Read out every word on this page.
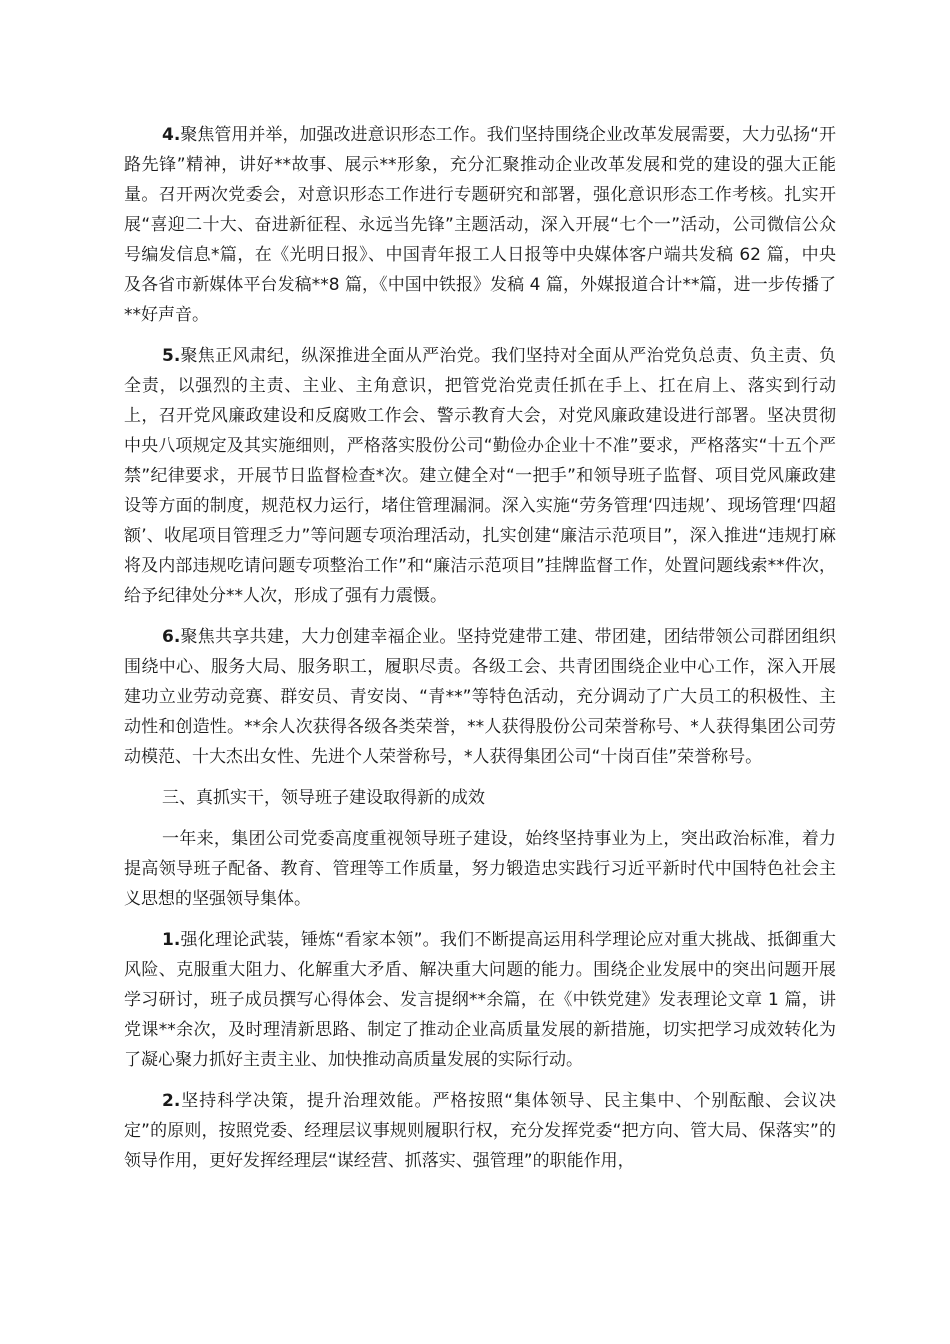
4.聚焦管用并举，加强改进意识形态工作。我们坚持围绕企业改革发展需要，大力弘扬“开路先锋”精神，讲好**故事、展示**形象，充分汇聚推动企业改革发展和党的建设的强大正能量。召开两次党委会，对意识形态工作进行专题研究和部署，强化意识形态工作考核。扎实开展“喜迎二十大、奋进新征程、永远当先锋”主题活动，深入开展“七个一”活动，公司微信公众号编发信息*篇，在《光明日报》、中国青年报工人日报等中央媒体客户端共发稿 62 篇，中央及各省市新媒体平台发稿**8 篇，《中国中铁报》发稿 4 篇，外媒报道合计**篇，进一步传播了**好声音。

5.聚焦正风肃纪，纵深推进全面从严治党。我们坚持对全面从严治党负总责、负主责、负全责，以强烈的主责、主业、主角意识，把管党治党责任抓在手上、扛在肩上、落实到行动上，召开党风廉政建设和反腐败工作会、警示教育大会，对党风廉政建设进行部署。坚决贯彻中央八项规定及其实施细则，严格落实股份公司“勤俭办企业十不准”要求，严格落实“十五个严禁”纪律要求，开展节日监督检查*次。建立健全对“一把手”和领导班子监督、项目党风廉政建设等方面的制度，规范权力运行，堵住管理漏洞。深入实施“劳务管理‘四违规’、现场管理‘四超额’、收尾项目管理乏力”等问题专项治理活动，扎实创建“廉洁示范项目”，深入推进“违规打麻将及内部违规吃请问题专项整治工作”和“廉洁示范项目”挂牌监督工作，处置问题线索**件次，给予纪律处分**人次，形成了强有力震慑。

6.聚焦共享共建，大力创建幸福企业。坚持党建带工建、带团建，团结带领公司群团组织围绕中心、服务大局、服务职工，履职尽责。各级工会、共青团围绕企业中心工作，深入开展建功立业劳动竞赛、群安员、青安岗、“青**”等特色活动，充分调动了广大员工的积极性、主动性和创造性。**余人次获得各级各类荣誉，**人获得股份公司荣誉称号、*人获得集团公司劳动模范、十大杰出女性、先进个人荣誉称号，*人获得集团公司“十岗百佳”荣誉称号。

三、真抓实干，领导班子建设取得新的成效

一年来，集团公司党委高度重视领导班子建设，始终坚持事业为上，突出政治标准，着力提高领导班子配备、教育、管理等工作质量，努力锻造忠实践行习近平新时代中国特色社会主义思想的坚强领导集体。

1.强化理论武装，锤炼“看家本领”。我们不断提高运用科学理论应对重大挑战、抵御重大风险、克服重大阻力、化解重大矛盾、解决重大问题的能力。围绕企业发展中的突出问题开展学习研讨，班子成员撰写心得体会、发言提纲**余篇，在《中铁党建》发表理论文章 1 篇，讲党课**余次，及时理清新思路、制定了推动企业高质量发展的新措施，切实把学习成效转化为了凝心聚力抓好主责主业、加快推动高质量发展的实际行动。

2.坚持科学决策，提升治理效能。严格按照“集体领导、民主集中、个别酝酿、会议决定”的原则，按照党委、经理层议事规则履职行权，充分发挥党委“把方向、管大局、保落实”的领导作用，更好发挥经理层“谋经营、抓落实、强管理”的职能作用，
